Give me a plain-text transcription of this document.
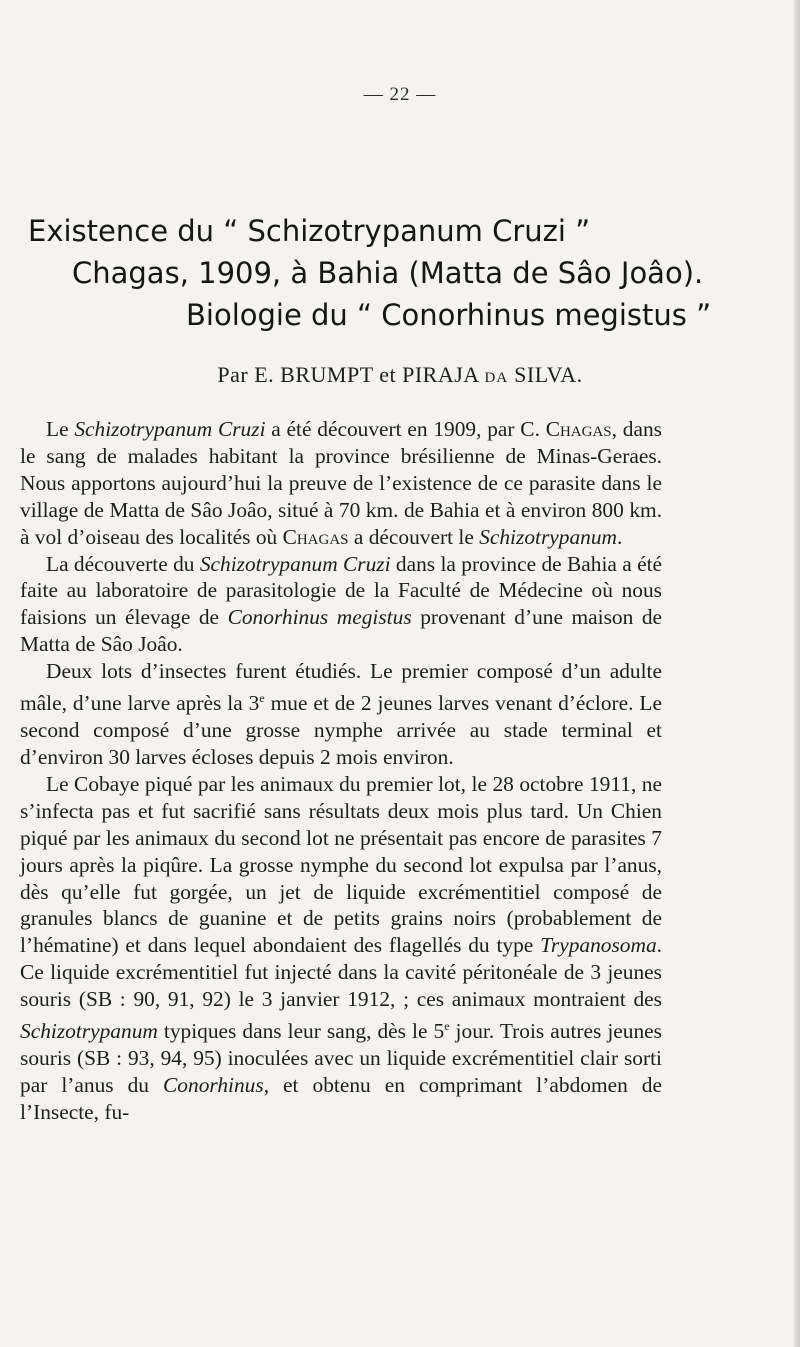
— 22 —
Existence du “ Schizotrypanum Cruzi ”
Chagas, 1909, à Bahia (Matta de Sâo Joâo).
Biologie du “ Conorhinus megistus ”
Par E. BRUMPT et PIRAJA DA SILVA.

Le Schizotrypanum Cruzi a été découvert en 1909, par C. Chagas, dans le sang de malades habitant la province brésilienne de Minas-Geraes. Nous apportons aujourd’hui la preuve de l’existence de ce parasite dans le village de Matta de Sâo Joâo, situé à 70 km. de Bahia et à environ 800 km. à vol d’oiseau des localités où Chagas a découvert le Schizotrypanum.

La découverte du Schizotrypanum Cruzi dans la province de Bahia a été faite au laboratoire de parasitologie de la Faculté de Médecine où nous faisions un élevage de Conorhinus megistus provenant d’une maison de Matta de Sâo Joâo.

Deux lots d’insectes furent étudiés. Le premier composé d’un adulte mâle, d’une larve après la 3e mue et de 2 jeunes larves venant d’éclore. Le second composé d’une grosse nymphe arrivée au stade terminal et d’environ 30 larves écloses depuis 2 mois environ.

Le Cobaye piqué par les animaux du premier lot, le 28 octobre 1911, ne s’infecta pas et fut sacrifié sans résultats deux mois plus tard. Un Chien piqué par les animaux du second lot ne présentait pas encore de parasites 7 jours après la piqûre. La grosse nymphe du second lot expulsa par l’anus, dès qu’elle fut gorgée, un jet de liquide excrémentitiel composé de granules blancs de guanine et de petits grains noirs (probablement de l’hématine) et dans lequel abondaient des flagellés du type Trypanosoma. Ce liquide excrémentitiel fut injecté dans la cavité péritonéale de 3 jeunes souris (SB : 90, 91, 92) le 3 janvier 1912, ; ces animaux montraient des Schizotrypanum typiques dans leur sang, dès le 5e jour. Trois autres jeunes souris (SB : 93, 94, 95) inoculées avec un liquide excrémentitiel clair sorti par l’anus du Conorhinus, et obtenu en comprimant l’abdomen de l’Insecte, fu-
